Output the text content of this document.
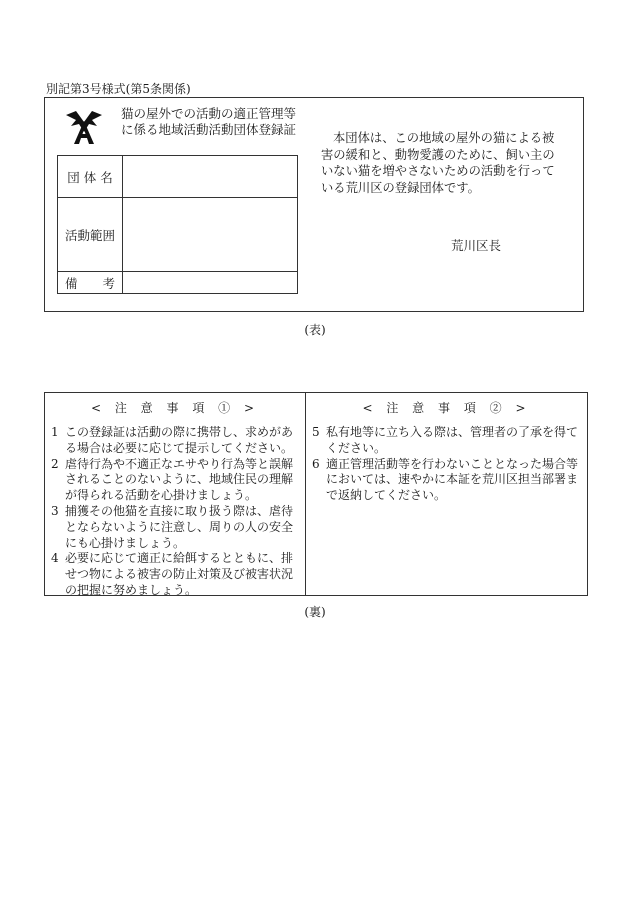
別記第3号様式(第5条関係)
猫の屋外での活動の適正管理等
に係る地域活動活動団体登録証
団 体 名	
活動範囲	
備　　考	
本団体は、この地域の屋外の猫による被害の緩和と、動物愛護のために、飼い主のいない猫を増やさないための活動を行っている荒川区の登録団体です。
荒川区長
(表)
< 注 意 事 項 ① >
1 この登録証は活動の際に携帯し、求めがある場合は必要に応じて提示してください。
2 虐待行為や不適正なエサやり行為等と誤解されることのないように、地域住民の理解が得られる活動を心掛けましょう。
3 捕獲その他猫を直接に取り扱う際は、虐待とならないように注意し、周りの人の安全にも心掛けましょう。
4 必要に応じて適正に給餌するとともに、排せつ物による被害の防止対策及び被害状況の把握に努めましょう。
< 注 意 事 項 ② >
5 私有地等に立ち入る際は、管理者の了承を得てください。
6 適正管理活動等を行わないこととなった場合等においては、速やかに本証を荒川区担当部署まで返納してください。
(裏)
